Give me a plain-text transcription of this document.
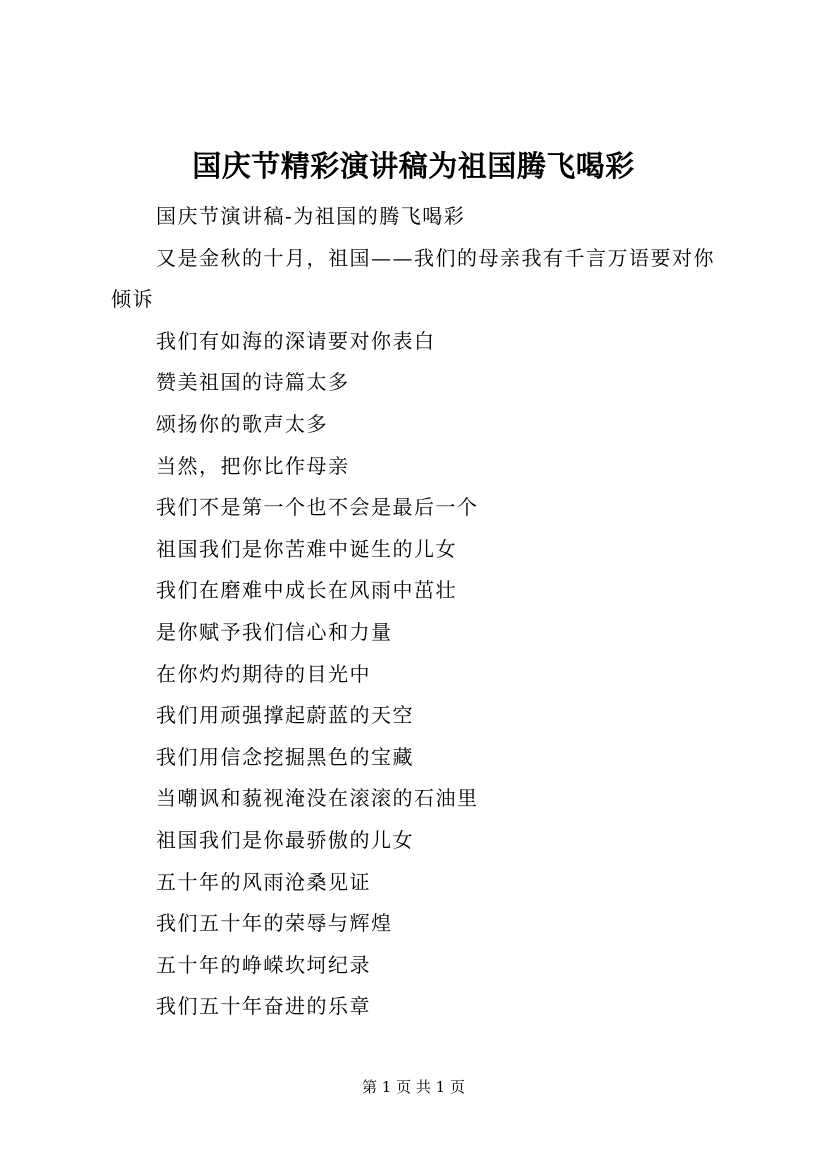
国庆节精彩演讲稿为祖国腾飞喝彩

国庆节演讲稿-为祖国的腾飞喝彩

又是金秋的十月，祖国——我们的母亲我有千言万语要对你倾诉

我们有如海的深请要对你表白

赞美祖国的诗篇太多

颂扬你的歌声太多

当然，把你比作母亲

我们不是第一个也不会是最后一个

祖国我们是你苦难中诞生的儿女

我们在磨难中成长在风雨中茁壮

是你赋予我们信心和力量

在你灼灼期待的目光中

我们用顽强撑起蔚蓝的天空

我们用信念挖掘黑色的宝藏

当嘲讽和藐视淹没在滚滚的石油里

祖国我们是你最骄傲的儿女

五十年的风雨沧桑见证

我们五十年的荣辱与辉煌

五十年的峥嵘坎坷纪录

我们五十年奋进的乐章

第 1 页 共 1 页
